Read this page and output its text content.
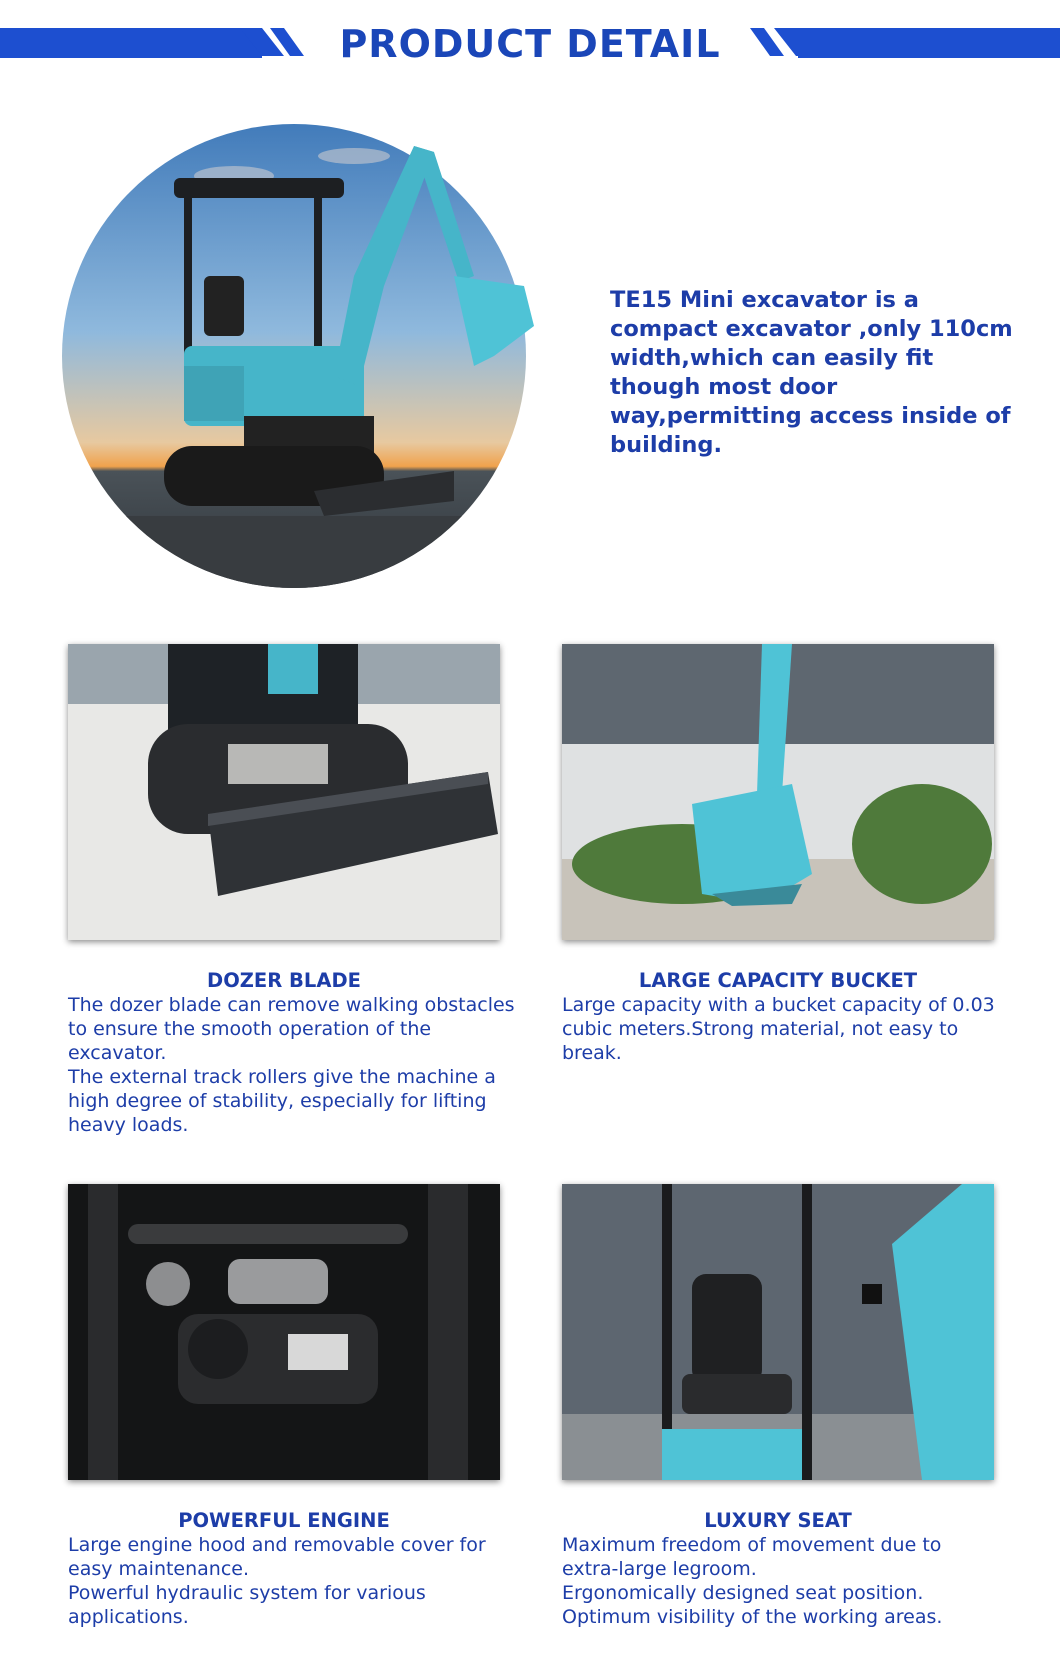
PRODUCT DETAIL

TE15 Mini excavator is a compact excavator ,only 110cm width,which can easily fit though most door way,permitting access inside of building.

DOZER BLADE

The dozer blade can remove walking obstacles
to ensure the smooth operation of the
excavator.
The external track rollers give the machine a
high degree of stability, especially for lifting
heavy loads.

LARGE CAPACITY BUCKET

Large capacity with a bucket capacity of 0.03
cubic meters.Strong material, not easy to
break.

POWERFUL ENGINE

Large engine hood and removable cover for
easy maintenance.
Powerful hydraulic system for various
applications.

LUXURY SEAT

Maximum freedom of movement due to
extra-large legroom.
Ergonomically designed seat position.
Optimum visibility of the working areas.
